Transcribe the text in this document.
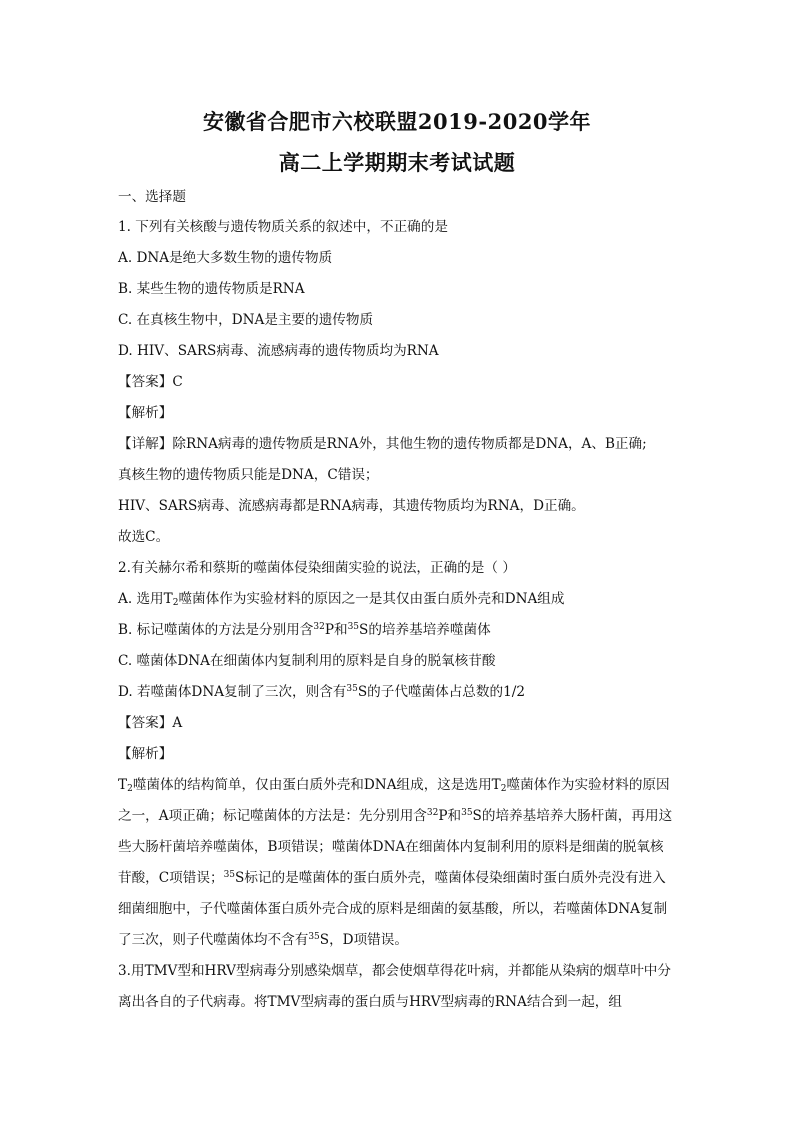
安徽省合肥市六校联盟2019-2020学年
高二上学期期末考试试题
一、选择题
1. 下列有关核酸与遗传物质关系的叙述中，不正确的是
A. DNA是绝大多数生物的遗传物质
B. 某些生物的遗传物质是RNA
C. 在真核生物中，DNA是主要的遗传物质
D. HIV、SARS病毒、流感病毒的遗传物质均为RNA
【答案】C
【解析】
【详解】除RNA病毒的遗传物质是RNA外，其他生物的遗传物质都是DNA，A、B正确;
真核生物的遗传物质只能是DNA，C错误；
HIV、SARS病毒、流感病毒都是RNA病毒，其遗传物质均为RNA，D正确。
故选C。
2.有关赫尔希和蔡斯的噬菌体侵染细菌实验的说法，正确的是（ ）
A. 选用$T_2$噬菌体作为实验材料的原因之一是其仅由蛋白质外壳和DNA组成
B. 标记噬菌体的方法是分别用含$^{32}$P和$^{35}$S的培养基培养噬菌体
C. 噬菌体DNA在细菌体内复制利用的原料是自身的脱氧核苷酸
D. 若噬菌体DNA复制了三次，则含有$^{35}$S的子代噬菌体占总数的1/2
【答案】A
【解析】
$T_2$噬菌体的结构简单，仅由蛋白质外壳和DNA组成，这是选用$T_2$噬菌体作为实验材料的原因之一，A项正确；标记噬菌体的方法是：先分别用含$^{32}$P和$^{35}$S的培养基培养大肠杆菌，再用这些大肠杆菌培养噬菌体，B项错误；噬菌体DNA在细菌体内复制利用的原料是细菌的脱氧核苷酸，C项错误；$^{35}$S标记的是噬菌体的蛋白质外壳，噬菌体侵染细菌时蛋白质外壳没有进入细菌细胞中，子代噬菌体蛋白质外壳合成的原料是细菌的氨基酸，所以，若噬菌体DNA复制了三次，则子代噬菌体均不含有$^{35}$S，D项错误。
3.用TMV型和HRV型病毒分别感染烟草，都会使烟草得花叶病，并都能从染病的烟草叶中分离出各自的子代病毒。将TMV型病毒的蛋白质与HRV型病毒的RNA结合到一起，组
